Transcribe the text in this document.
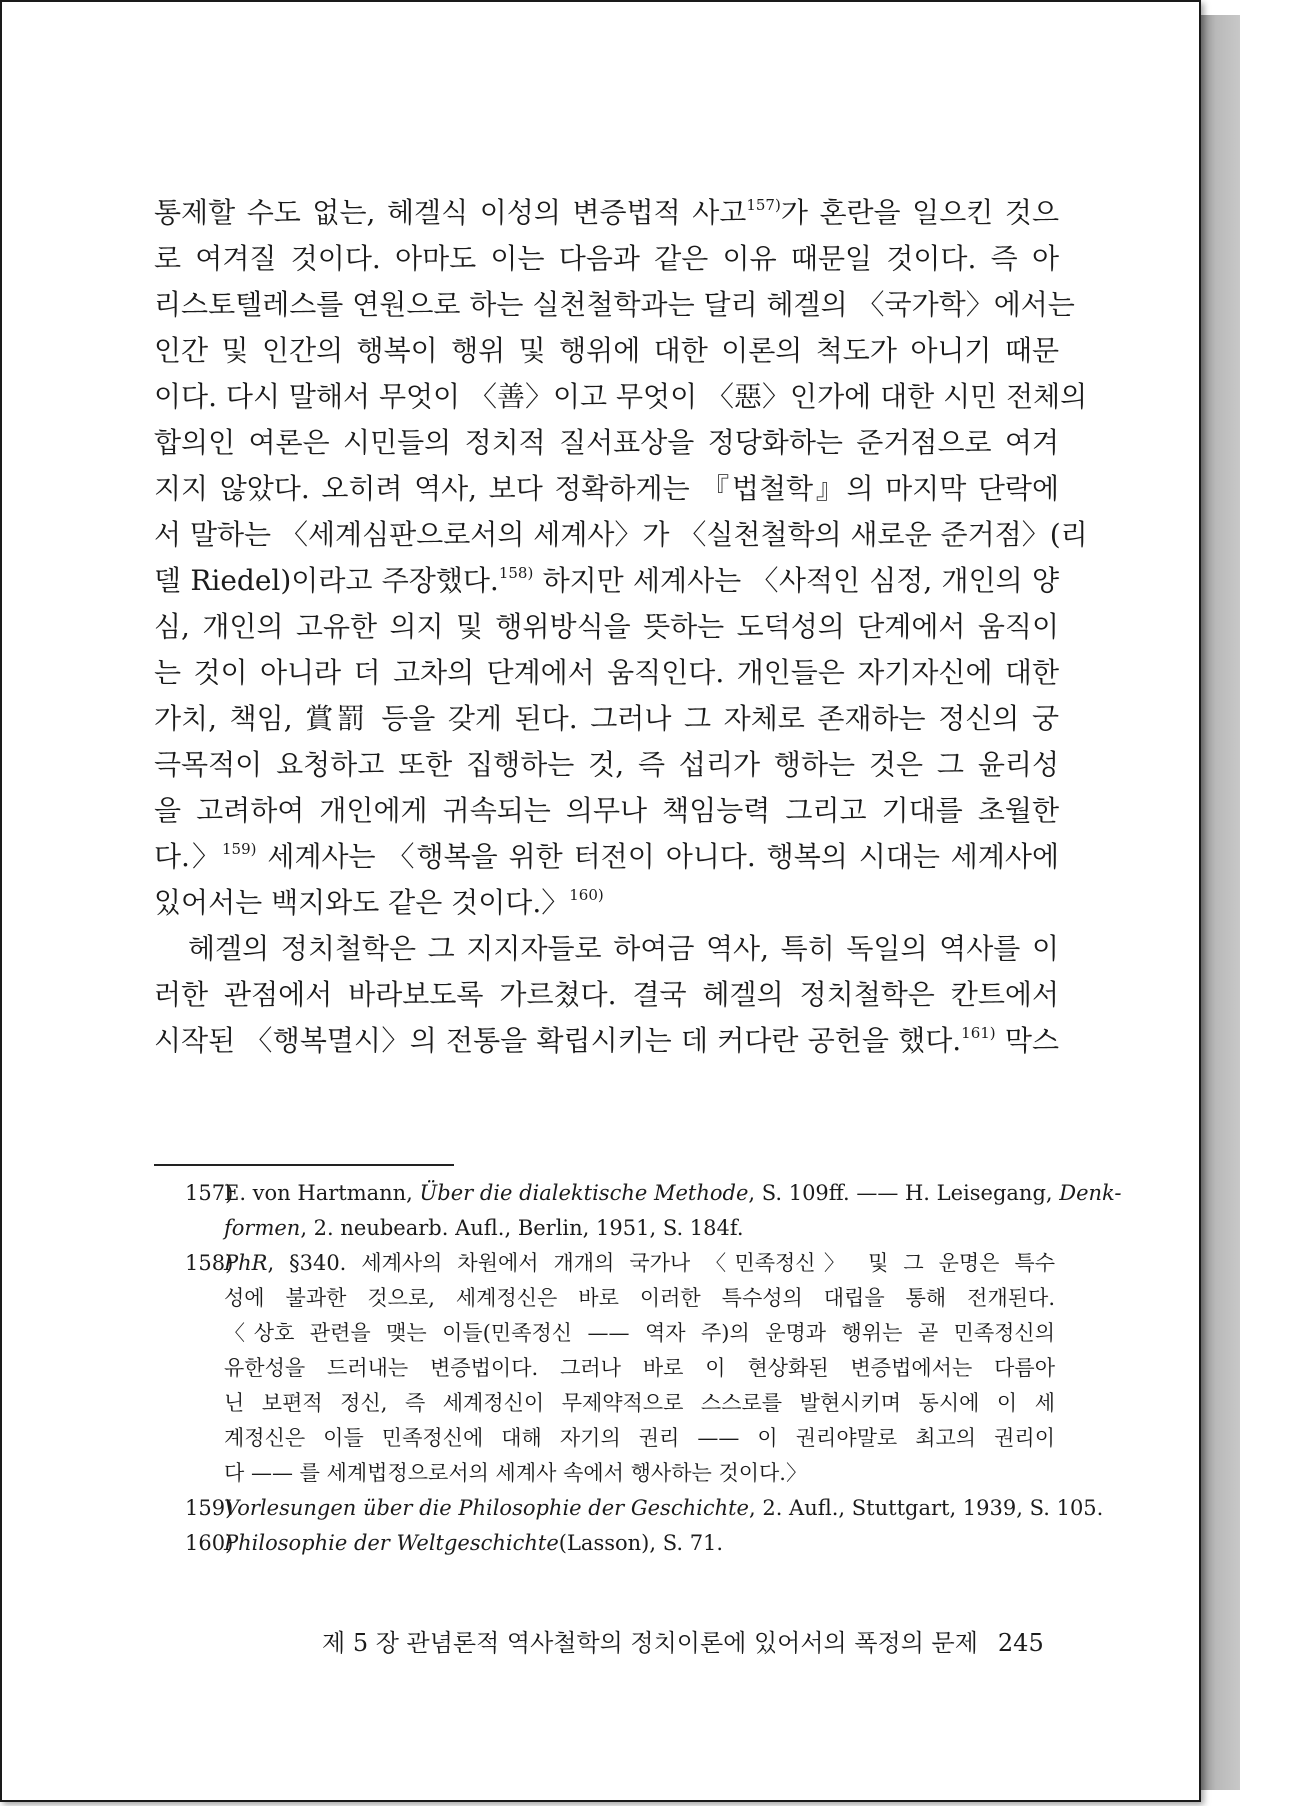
통제할 수도 없는, 헤겔식 이성의 변증법적 사고$^{157)}$가 혼란을 일으킨 것으
로 여겨질 것이다. 아마도 이는 다음과 같은 이유 때문일 것이다. 즉 아
리스토텔레스를 연원으로 하는 실천철학과는 달리 헤겔의 〈국가학〉에서는
인간 및 인간의 행복이 행위 및 행위에 대한 이론의 척도가 아니기 때문
이다. 다시 말해서 무엇이 〈善〉이고 무엇이 〈惡〉인가에 대한 시민 전체의
합의인 여론은 시민들의 정치적 질서표상을 정당화하는 준거점으로 여겨
지지 않았다. 오히려 역사, 보다 정확하게는 『법철학』의 마지막 단락에
서 말하는 〈세계심판으로서의 세계사〉가 〈실천철학의 새로운 준거점〉(리
델 Riedel)이라고 주장했다.$^{158)}$ 하지만 세계사는 〈사적인 심정, 개인의 양
심, 개인의 고유한 의지 및 행위방식을 뜻하는 도덕성의 단계에서 움직이
는 것이 아니라 더 고차의 단계에서 움직인다. 개인들은 자기자신에 대한
가치, 책임, 賞罰 등을 갖게 된다. 그러나 그 자체로 존재하는 정신의 궁
극목적이 요청하고 또한 집행하는 것, 즉 섭리가 행하는 것은 그 윤리성
을 고려하여 개인에게 귀속되는 의무나 책임능력 그리고 기대를 초월한
다.〉$^{159)}$ 세계사는 〈행복을 위한 터전이 아니다. 행복의 시대는 세계사에
있어서는 백지와도 같은 것이다.〉$^{160)}$
헤겔의 정치철학은 그 지지자들로 하여금 역사, 특히 독일의 역사를 이
러한 관점에서 바라보도록 가르쳤다. 결국 헤겔의 정치철학은 칸트에서
시작된 〈행복멸시〉의 전통을 확립시키는 데 커다란 공헌을 했다.$^{161)}$ 막스
157)E. von Hartmann, Über die dialektische Methode, S. 109ff. —— H. Leisegang, Denk-
formen, 2. neubearb. Aufl., Berlin, 1951, S. 184f.
158)PhR, §340. 세계사의 차원에서 개개의 국가나 〈민족정신〉 및 그 운명은 특수
성에 불과한 것으로, 세계정신은 바로 이러한 특수성의 대립을 통해 전개된다.
〈상호 관련을 맺는 이들(민족정신 —— 역자 주)의 운명과 행위는 곧 민족정신의
유한성을 드러내는 변증법이다. 그러나 바로 이 현상화된 변증법에서는 다름아
닌 보편적 정신, 즉 세계정신이 무제약적으로 스스로를 발현시키며 동시에 이 세
계정신은 이들 민족정신에 대해 자기의 권리 —— 이 권리야말로 최고의 권리이
다 —— 를 세계법정으로서의 세계사 속에서 행사하는 것이다.〉
159)Vorlesungen über die Philosophie der Geschichte, 2. Aufl., Stuttgart, 1939, S. 105.
160)Philosophie der Weltgeschichte(Lasson), S. 71.
제 5 장 관념론적 역사철학의 정치이론에 있어서의 폭정의 문제 245
